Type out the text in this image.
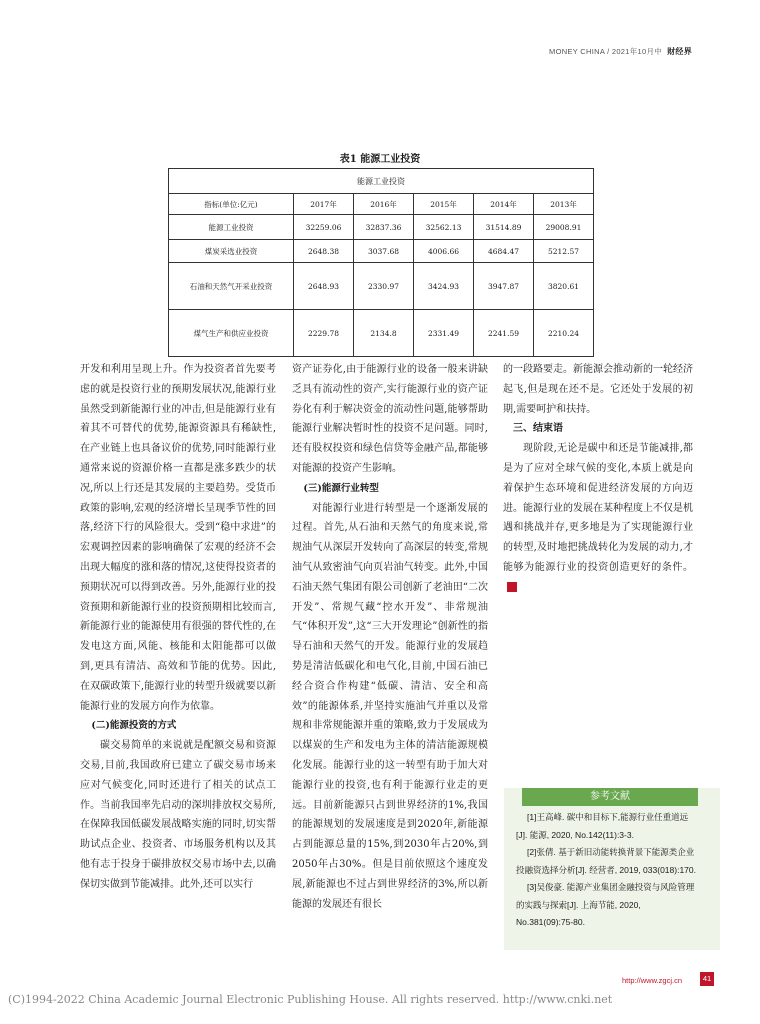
MONEY CHINA / 2021年10月中 财经界
表1 能源工业投资
能源工业投资					
指标(单位:亿元)	2017年	2016年	2015年	2014年	2013年
能源工业投资	32259.06	32837.36	32562.13	31514.89	29008.91
煤炭采选业投资	2648.38	3037.68	4006.66	4684.47	5212.57
石油和天然气开采业投资	2648.93	2330.97	3424.93	3947.87	3820.61
煤气生产和供应业投资	2229.78	2134.8	2331.49	2241.59	2210.24

开发和利用呈现上升。作为投资者首先要考虑的就是投资行业的预期发展状况,能源行业虽然受到新能源行业的冲击,但是能源行业有着其不可替代的优势,能源资源具有稀缺性,在产业链上也具备议价的优势,同时能源行业通常来说的资源价格一直都是涨多跌少的状况,所以上行还是其发展的主要趋势。受货币政策的影响,宏观的经济增长呈现季节性的回落,经济下行的风险很大。受到“稳中求进”的宏观调控因素的影响确保了宏观的经济不会出现大幅度的涨和落的情况,这使得投资者的预期状况可以得到改善。另外,能源行业的投资预期和新能源行业的投资预期相比较而言,新能源行业的能源使用有很强的替代性的,在发电这方面,风能、核能和太阳能都可以做到,更具有清洁、高效和节能的优势。因此,在双碳政策下,能源行业的转型升级就要以新能源行业的发展方向作为依靠。

(二)能源投资的方式

碳交易简单的来说就是配额交易和资源交易,目前,我国政府已建立了碳交易市场来应对气候变化,同时还进行了相关的试点工作。当前我国率先启动的深圳排放权交易所,在保障我国低碳发展战略实施的同时,切实帮助试点企业、投资者、市场服务机构以及其他有志于投身于碳排放权交易市场中去,以确保切实做到节能减排。此外,还可以实行

资产证券化,由于能源行业的设备一般来讲缺乏具有流动性的资产,实行能源行业的资产证券化有利于解决资金的流动性问题,能够帮助能源行业解决暂时性的投资不足问题。同时,还有股权投资和绿色信贷等金融产品,都能够对能源的投资产生影响。

(三)能源行业转型

对能源行业进行转型是一个逐渐发展的过程。首先,从石油和天然气的角度来说,常规油气从深层开发转向了高深层的转变,常规油气从致密油气向页岩油气转变。此外,中国石油天然气集团有限公司创新了老油田“二次开发”、常规气藏“控水开发”、非常规油气“体积开发”,这“三大开发理论”创新性的指导石油和天然气的开发。能源行业的发展趋势是清洁低碳化和电气化,目前,中国石油已经合资合作构建“低碳、清洁、安全和高效”的能源体系,并坚持实施油气并重以及常规和非常规能源并重的策略,致力于发展成为以煤炭的生产和发电为主体的清洁能源规模化发展。能源行业的这一转型有助于加大对能源行业的投资,也有利于能源行业走的更远。目前新能源只占到世界经济的1%,我国的能源规划的发展速度是到2020年,新能源占到能源总量的15%,到2030年占20%,到2050年占30%。但是目前依照这个速度发展,新能源也不过占到世界经济的3%,所以新能源的发展还有很长

的一段路要走。新能源会推动新的一轮经济起飞,但是现在还不是。它还处于发展的初期,需要呵护和扶持。

三、结束语

现阶段,无论是碳中和还是节能减排,都是为了应对全球气候的变化,本质上就是向着保护生态环境和促进经济发展的方向迈进。能源行业的发展在某种程度上不仅是机遇和挑战并存,更多地是为了实现能源行业的转型,及时地把挑战转化为发展的动力,才能够为能源行业的投资创造更好的条件。M

参考文献

[1]王高峰. 碳中和目标下,能源行业任重道远[J]. 能源, 2020, No.142(11):3-3.

[2]张倩. 基于新旧动能转换背景下能源类企业投融资选择分析[J]. 经营者, 2019, 033(018):170.

[3]吴俊豪. 能源产业集团金融投资与风险管理的实践与探索[J]. 上海节能, 2020, No.381(09):75-80.

http://www.zgcj.cn	41
(C)1994-2022 China Academic Journal Electronic Publishing House. All rights reserved. http://www.cnki.net
